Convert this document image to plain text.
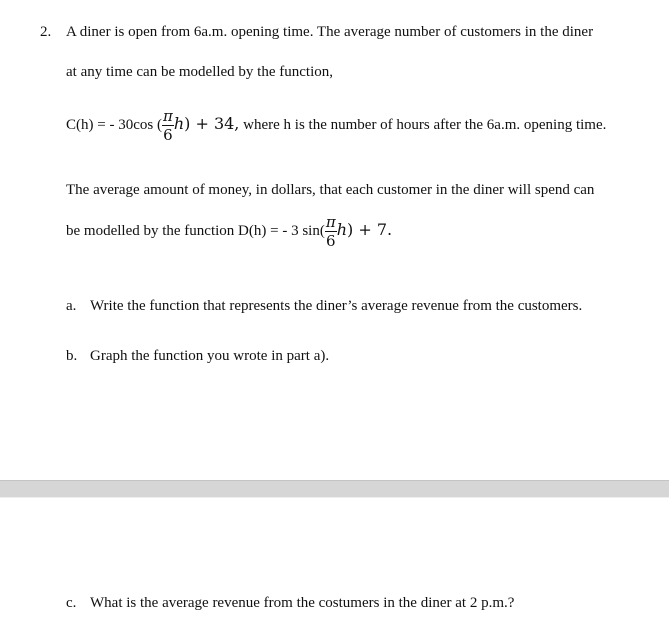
2. A diner is open from 6a.m. opening time. The average number of customers in the diner
at any time can be modelled by the function,
C(h) = - 30cos ( $\frac{\pi}{6} h) + 34$, where h is the number of hours after the 6a.m. opening time.
The average amount of money, in dollars, that each customer in the diner will spend can
be modelled by the function D(h) = - 3 $\sin( \frac{\pi}{6} h) + 7$.
a. Write the function that represents the diner’s average revenue from the customers.
b. Graph the function you wrote in part a).
c. What is the average revenue from the costumers in the diner at 2 p.m.?
